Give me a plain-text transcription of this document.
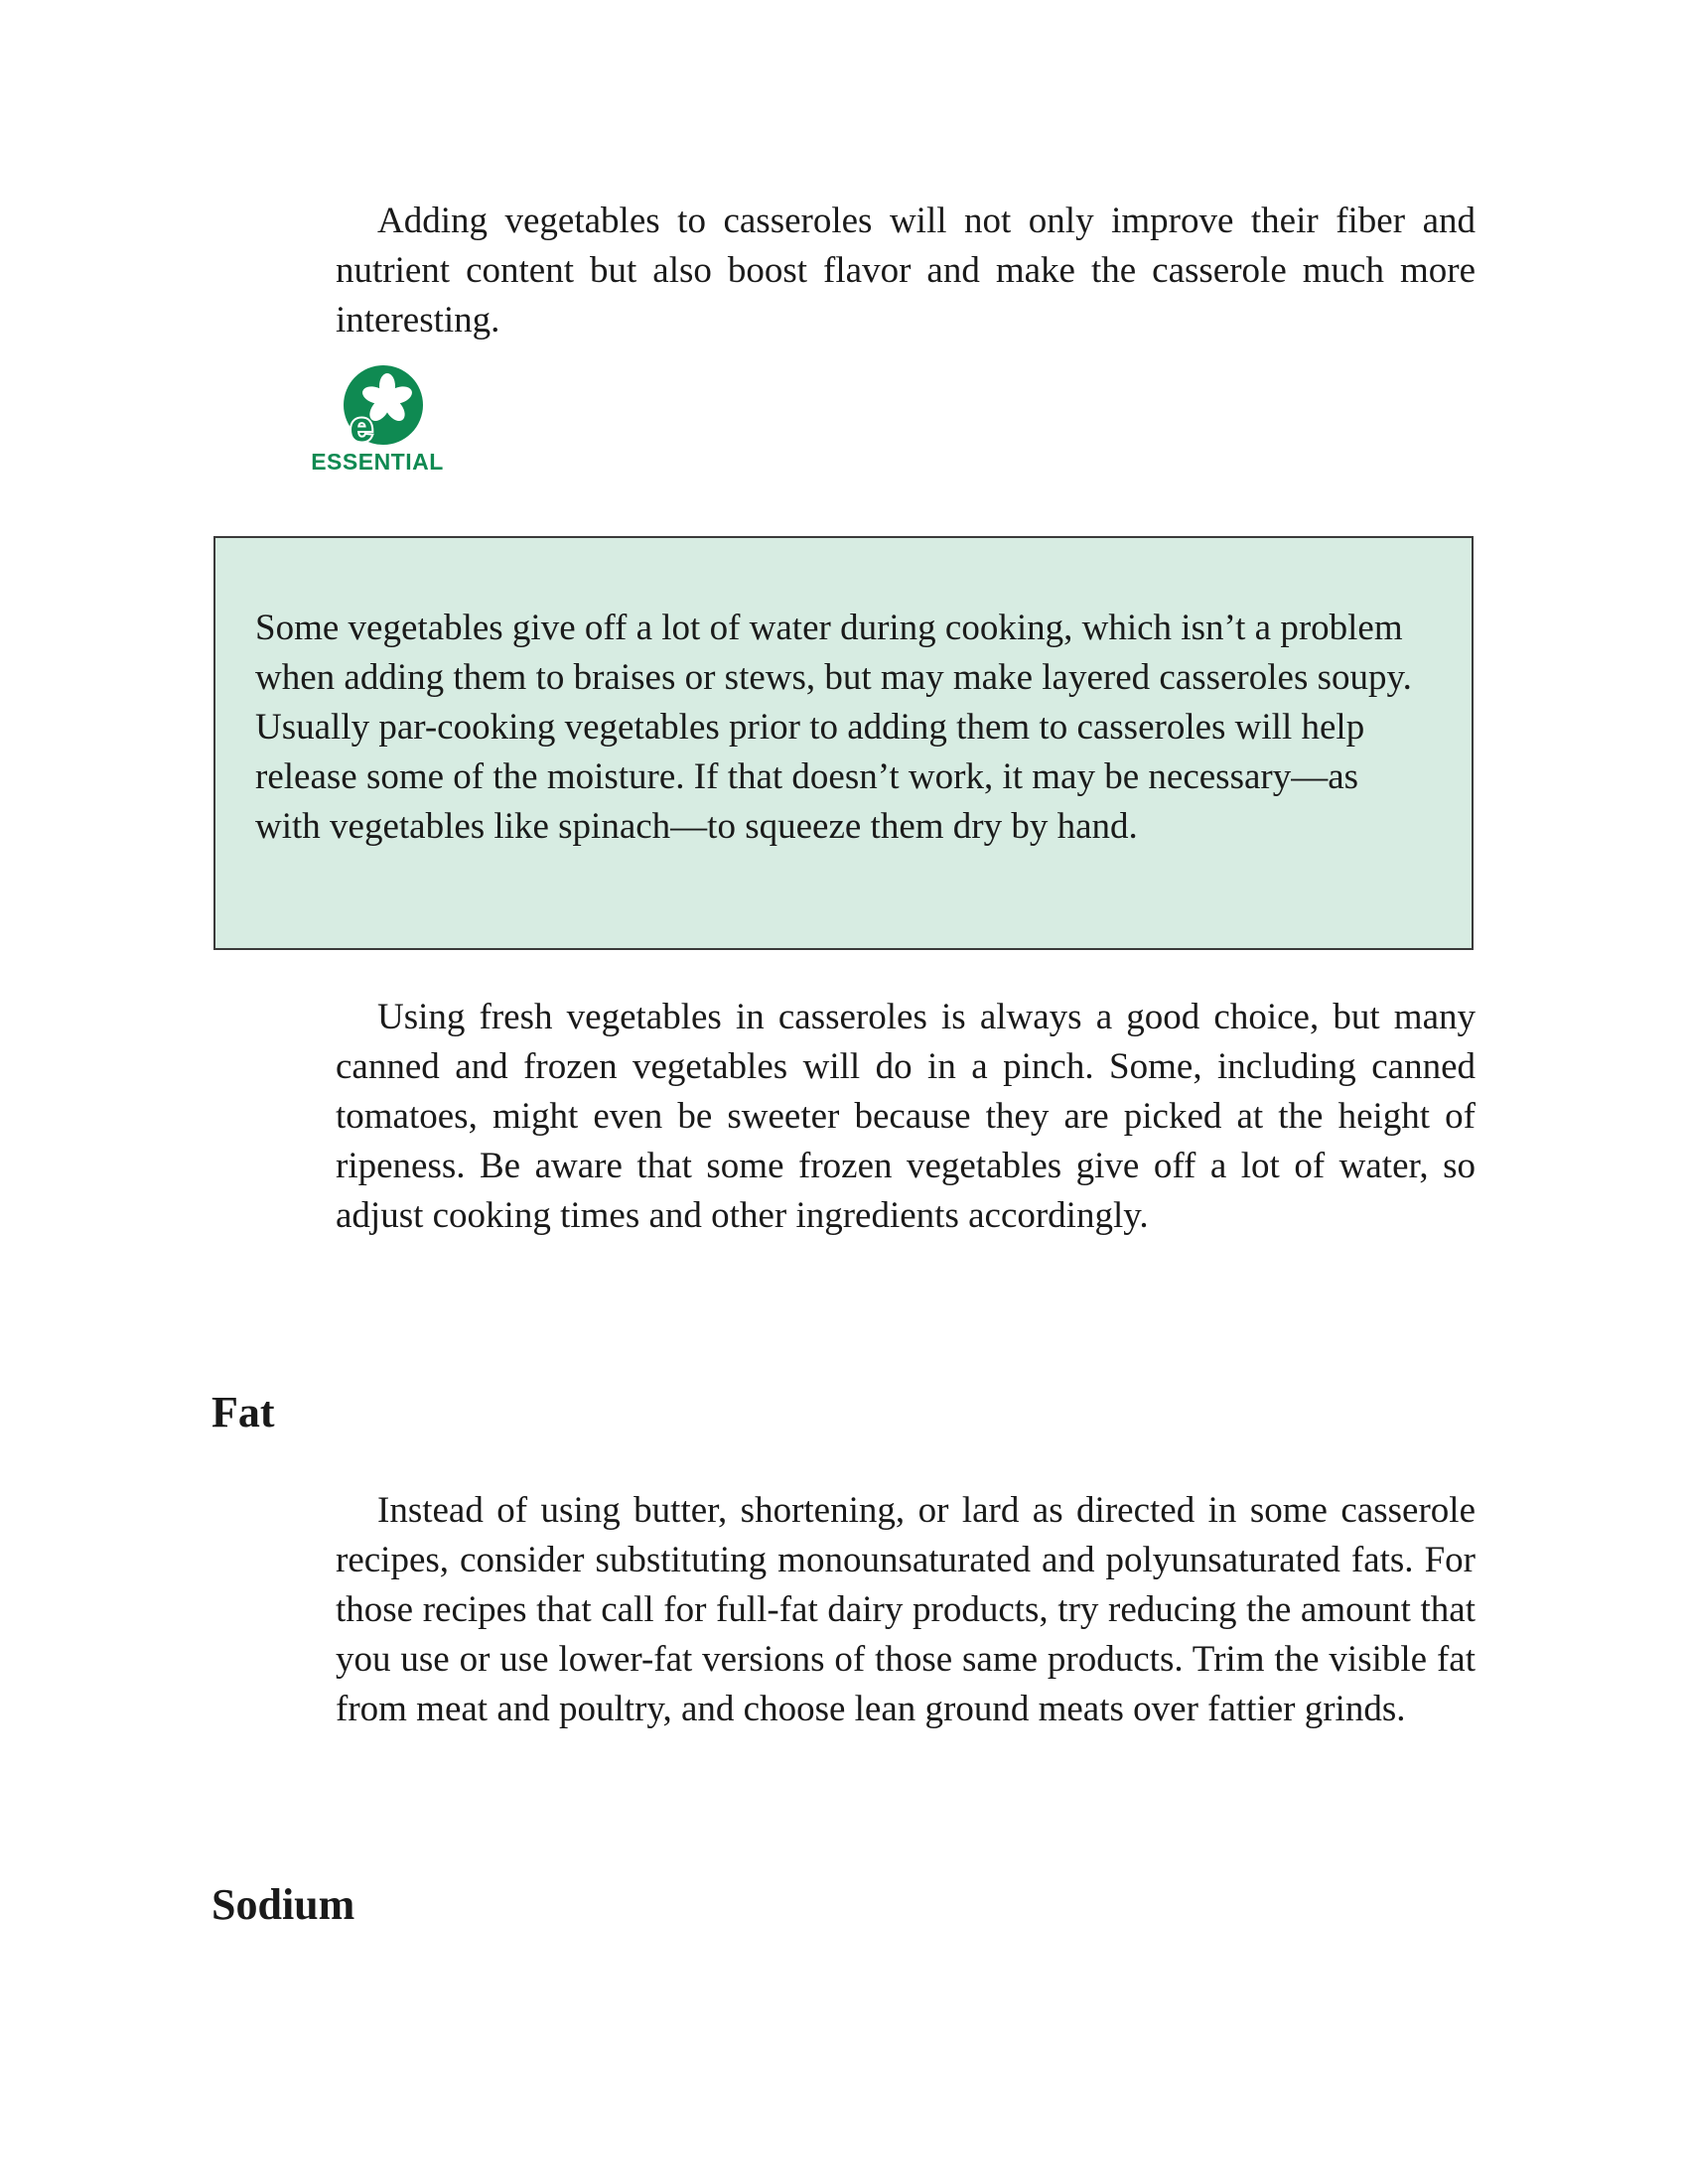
Adding vegetables to casseroles will not only improve their fiber and nutrient content but also boost flavor and make the casserole much more interesting.

e
ESSENTIAL

Some vegetables give off a lot of water during cooking, which isn’t a problem when adding them to braises or stews, but may make layered casseroles soupy. Usually par-cooking vegetables prior to adding them to casseroles will help release some of the moisture. If that doesn’t work, it may be necessary—as with vegetables like spinach—to squeeze them dry by hand.

Using fresh vegetables in casseroles is always a good choice, but many canned and frozen vegetables will do in a pinch. Some, including canned tomatoes, might even be sweeter because they are picked at the height of ripeness. Be aware that some frozen vegetables give off a lot of water, so adjust cooking times and other ingredients accordingly.

Fat

Instead of using butter, shortening, or lard as directed in some casserole recipes, consider substituting monounsaturated and polyunsaturated fats. For those recipes that call for full-fat dairy products, try reducing the amount that you use or use lower-fat versions of those same products. Trim the visible fat from meat and poultry, and choose lean ground meats over fattier grinds.

Sodium
